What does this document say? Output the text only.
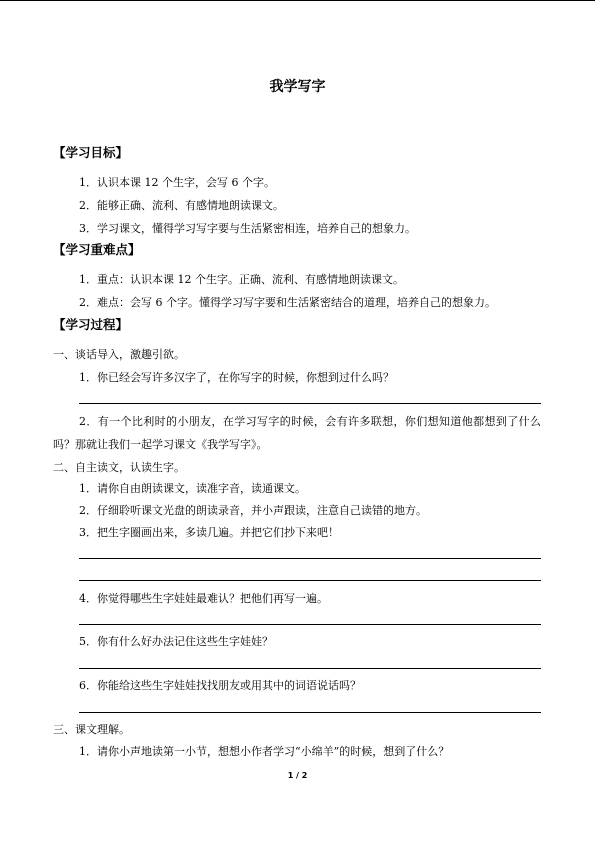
我学写字
【学习目标】
1．认识本课 12 个生字，会写 6 个字。
2．能够正确、流利、有感情地朗读课文。
3．学习课文，懂得学习写字要与生活紧密相连，培养自己的想象力。
【学习重难点】
1．重点：认识本课 12 个生字。正确、流利、有感情地朗读课文。
2．难点：会写 6 个字。懂得学习写字要和生活紧密结合的道理，培养自己的想象力。
【学习过程】
一、谈话导入，激趣引欲。
1．你已经会写许多汉字了，在你写字的时候，你想到过什么吗？
2．有一个比利时的小朋友，在学习写字的时候，会有许多联想，你们想知道他都想到了什么吗？那就让我们一起学习课文《我学写字》。
二、自主读文，认读生字。
1．请你自由朗读课文，读准字音，读通课文。
2．仔细聆听课文光盘的朗读录音，并小声跟读，注意自己读错的地方。
3．把生字圈画出来，多读几遍。并把它们抄下来吧！
4．你觉得哪些生字娃娃最难认？把他们再写一遍。
5．你有什么好办法记住这些生字娃娃？
6．你能给这些生字娃娃找找朋友或用其中的词语说话吗？
三、课文理解。
1．请你小声地读第一小节，想想小作者学习“小绵羊”的时候，想到了什么？
1 / 2
